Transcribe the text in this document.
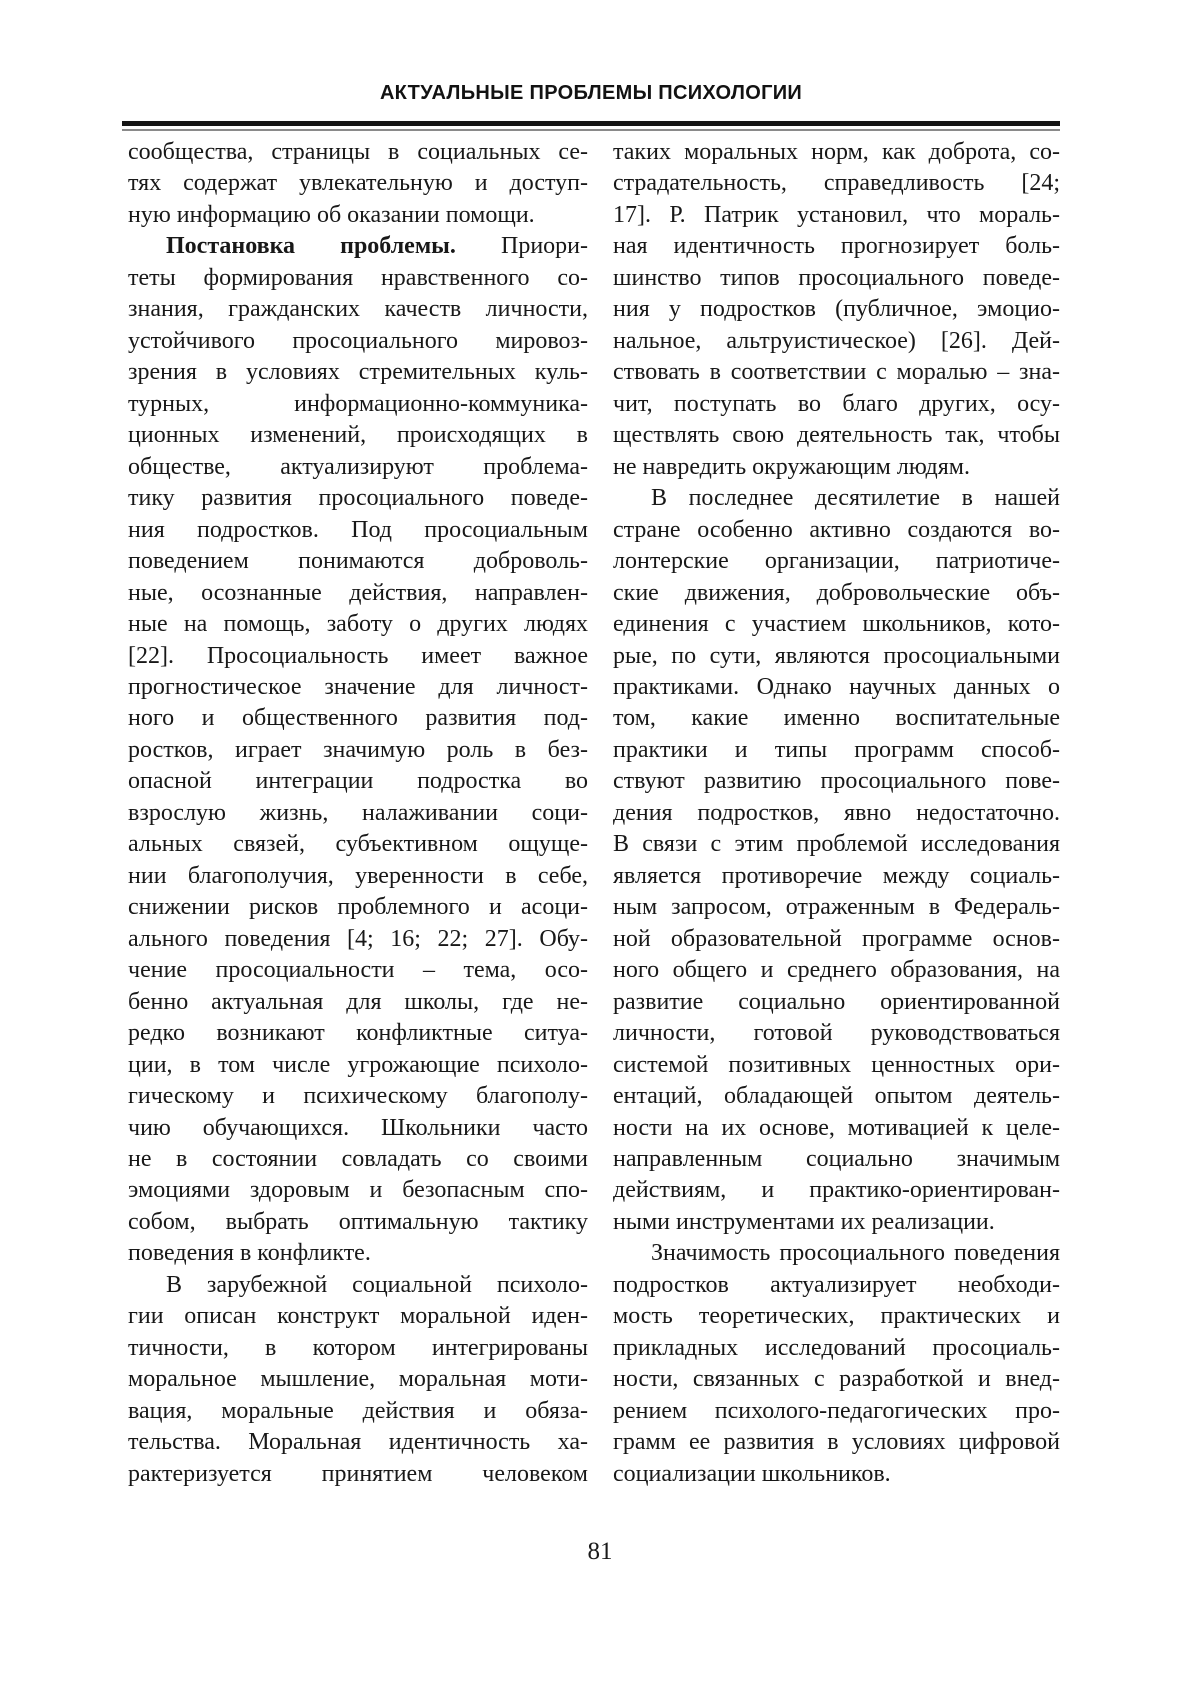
АКТУАЛЬНЫЕ ПРОБЛЕМЫ ПСИХОЛОГИИ
сообщества, страницы в социальных се-
тях содержат увлекательную и доступ-
ную информацию об оказании помощи.
Постановка проблемы. Приори-
теты формирования нравственного со-
знания, гражданских качеств личности,
устойчивого просоциального мировоз-
зрения в условиях стремительных куль-
турных, информационно-коммуника-
ционных изменений, происходящих в
обществе, актуализируют проблема-
тику развития просоциального поведе-
ния подростков. Под просоциальным
поведением понимаются доброволь-
ные, осознанные действия, направлен-
ные на помощь, заботу о других людях
[22]. Просоциальность имеет важное
прогностическое значение для личност-
ного и общественного развития под-
ростков, играет значимую роль в без-
опасной интеграции подростка во
взрослую жизнь, налаживании соци-
альных связей, субъективном ощуще-
нии благополучия, уверенности в себе,
снижении рисков проблемного и асоци-
ального поведения [4; 16; 22; 27]. Обу-
чение просоциальности – тема, осо-
бенно актуальная для школы, где не-
редко возникают конфликтные ситуа-
ции, в том числе угрожающие психоло-
гическому и психическому благополу-
чию обучающихся. Школьники часто
не в состоянии совладать со своими
эмоциями здоровым и безопасным спо-
собом, выбрать оптимальную тактику
поведения в конфликте.
В зарубежной социальной психоло-
гии описан конструкт моральной иден-
тичности, в котором интегрированы
моральное мышление, моральная моти-
вация, моральные действия и обяза-
тельства. Моральная идентичность ха-
рактеризуется принятием человеком
таких моральных норм, как доброта, со-
страдательность, справедливость [24;
17]. Р. Патрик установил, что мораль-
ная идентичность прогнозирует боль-
шинство типов просоциального поведе-
ния у подростков (публичное, эмоцио-
нальное, альтруистическое) [26]. Дей-
ствовать в соответствии с моралью – зна-
чит, поступать во благо других, осу-
ществлять свою деятельность так, чтобы
не навредить окружающим людям.
В последнее десятилетие в нашей
стране особенно активно создаются во-
лонтерские организации, патриотиче-
ские движения, добровольческие объ-
единения с участием школьников, кото-
рые, по сути, являются просоциальными
практиками. Однако научных данных о
том, какие именно воспитательные
практики и типы программ способ-
ствуют развитию просоциального пове-
дения подростков, явно недостаточно.
В связи с этим проблемой исследования
является противоречие между социаль-
ным запросом, отраженным в Федераль-
ной образовательной программе основ-
ного общего и среднего образования, на
развитие социально ориентированной
личности, готовой руководствоваться
системой позитивных ценностных ори-
ентаций, обладающей опытом деятель-
ности на их основе, мотивацией к целе-
направленным социально значимым
действиям, и практико-ориентирован-
ными инструментами их реализации.
Значимость просоциального поведения
подростков актуализирует необходи-
мость теоретических, практических и
прикладных исследований просоциаль-
ности, связанных с разработкой и внед-
рением психолого-педагогических про-
грамм ее развития в условиях цифровой
социализации школьников.
81
